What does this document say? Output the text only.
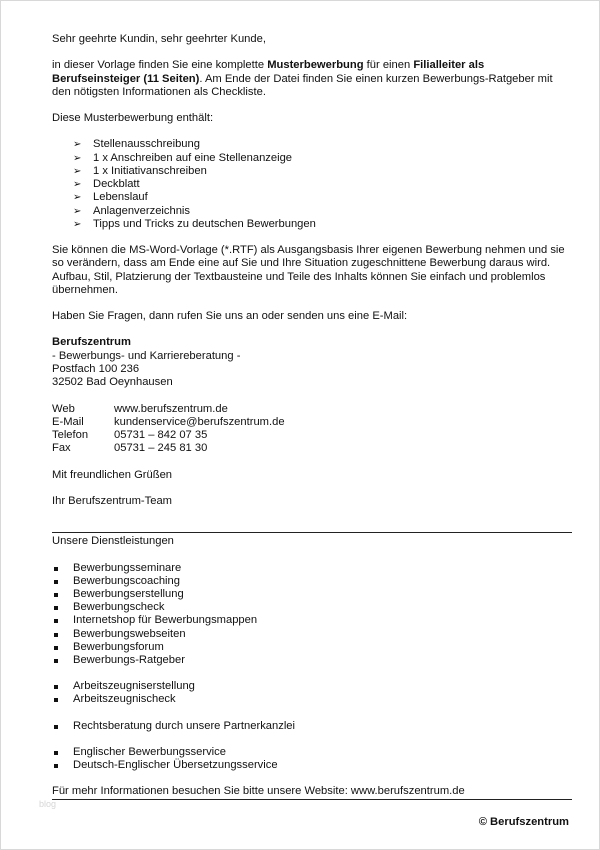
Sehr geehrte Kundin, sehr geehrter Kunde,

in dieser Vorlage finden Sie eine komplette Musterbewerbung für einen Filialleiter als Berufseinsteiger (11 Seiten). Am Ende der Datei finden Sie einen kurzen Bewerbungs-Ratgeber mit den nötigsten Informationen als Checkliste.

Diese Musterbewerbung enthält:

➢ Stellenausschreibung
➢ 1 x Anschreiben auf eine Stellenanzeige
➢ 1 x Initiativanschreiben
➢ Deckblatt
➢ Lebenslauf
➢ Anlagenverzeichnis
➢ Tipps und Tricks zu deutschen Bewerbungen

Sie können die MS-Word-Vorlage (*.RTF) als Ausgangsbasis Ihrer eigenen Bewerbung nehmen und sie so verändern, dass am Ende eine auf Sie und Ihre Situation zugeschnittene Bewerbung daraus wird. Aufbau, Stil, Platzierung der Textbausteine und Teile des Inhalts können Sie einfach und problemlos übernehmen.

Haben Sie Fragen, dann rufen Sie uns an oder senden uns eine E-Mail:

Berufszentrum

- Bewerbungs- und Karriereberatung -

Postfach 100 236

32502 Bad Oeynhausen

Web	www.berufszentrum.de
E-Mail	kundenservice@berufszentrum.de
Telefon	05731 – 842 07 35
Fax	05731 – 245 81 30

Mit freundlichen Grüßen

Ihr Berufszentrum-Team

Unsere Dienstleistungen

Bewerbungsseminare
Bewerbungscoaching
Bewerbungserstellung
Bewerbungscheck
Internetshop für Bewerbungsmappen
Bewerbungswebseiten
Bewerbungsforum
Bewerbungs-Ratgeber
Arbeitszeugniserstellung
Arbeitszeugnischeck
Rechtsberatung durch unsere Partnerkanzlei
Englischer Bewerbungsservice
Deutsch-Englischer Übersetzungsservice

Für mehr Informationen besuchen Sie bitte unsere Website: www.berufszentrum.de

blog
© Berufszentrum
